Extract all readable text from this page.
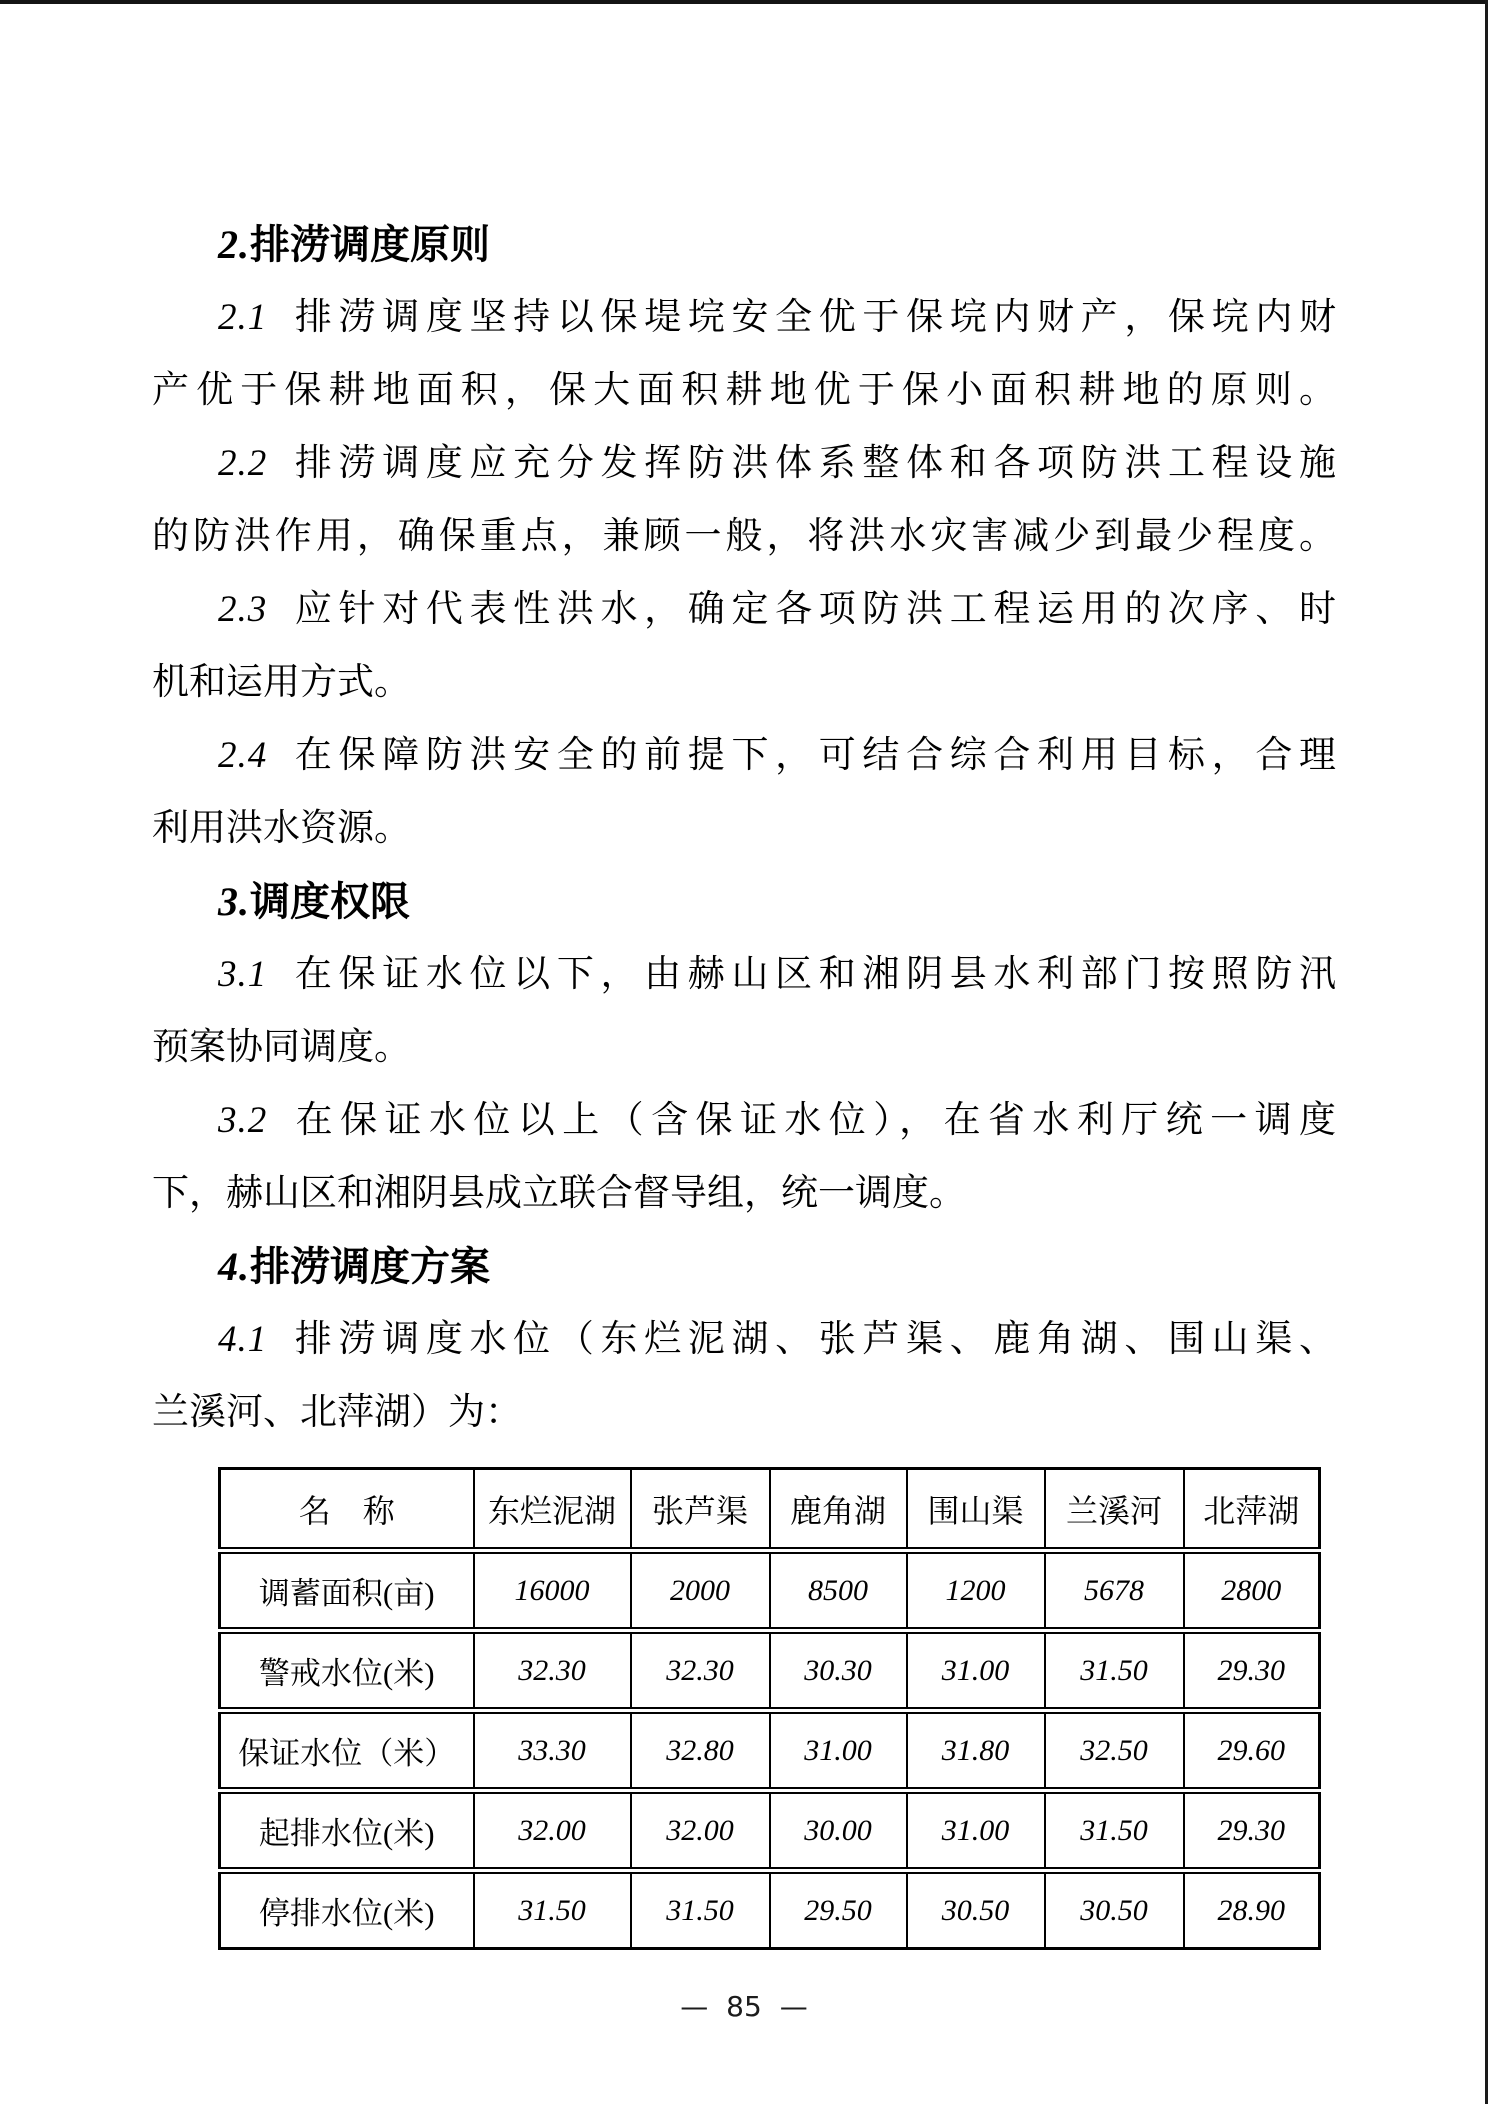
2.排涝调度原则
2.1 排涝调度坚持以保堤垸安全优于保垸内财产，保垸内财
产优于保耕地面积，保大面积耕地优于保小面积耕地的原则。
2.2 排涝调度应充分发挥防洪体系整体和各项防洪工程设施
的防洪作用，确保重点，兼顾一般，将洪水灾害减少到最少程度。
2.3 应针对代表性洪水，确定各项防洪工程运用的次序、时
机和运用方式。
2.4 在保障防洪安全的前提下，可结合综合利用目标，合理
利用洪水资源。
3.调度权限
3.1 在保证水位以下，由赫山区和湘阴县水利部门按照防汛
预案协同调度。
3.2 在保证水位以上（含保证水位），在省水利厅统一调度
下，赫山区和湘阴县成立联合督导组，统一调度。
4.排涝调度方案
4.1 排涝调度水位（东烂泥湖、张芦渠、鹿角湖、围山渠、
兰溪河、北萍湖）为：
名　称	东烂泥湖	张芦渠	鹿角湖	围山渠	兰溪河	北萍湖
调蓄面积(亩)	16000	2000	8500	1200	5678	2800
警戒水位(米)	32.30	32.30	30.30	31.00	31.50	29.30
保证水位（米）	33.30	32.80	31.00	31.80	32.50	29.60
起排水位(米)	32.00	32.00	30.00	31.00	31.50	29.30
停排水位(米)	31.50	31.50	29.50	30.50	30.50	28.90
— 85 —
